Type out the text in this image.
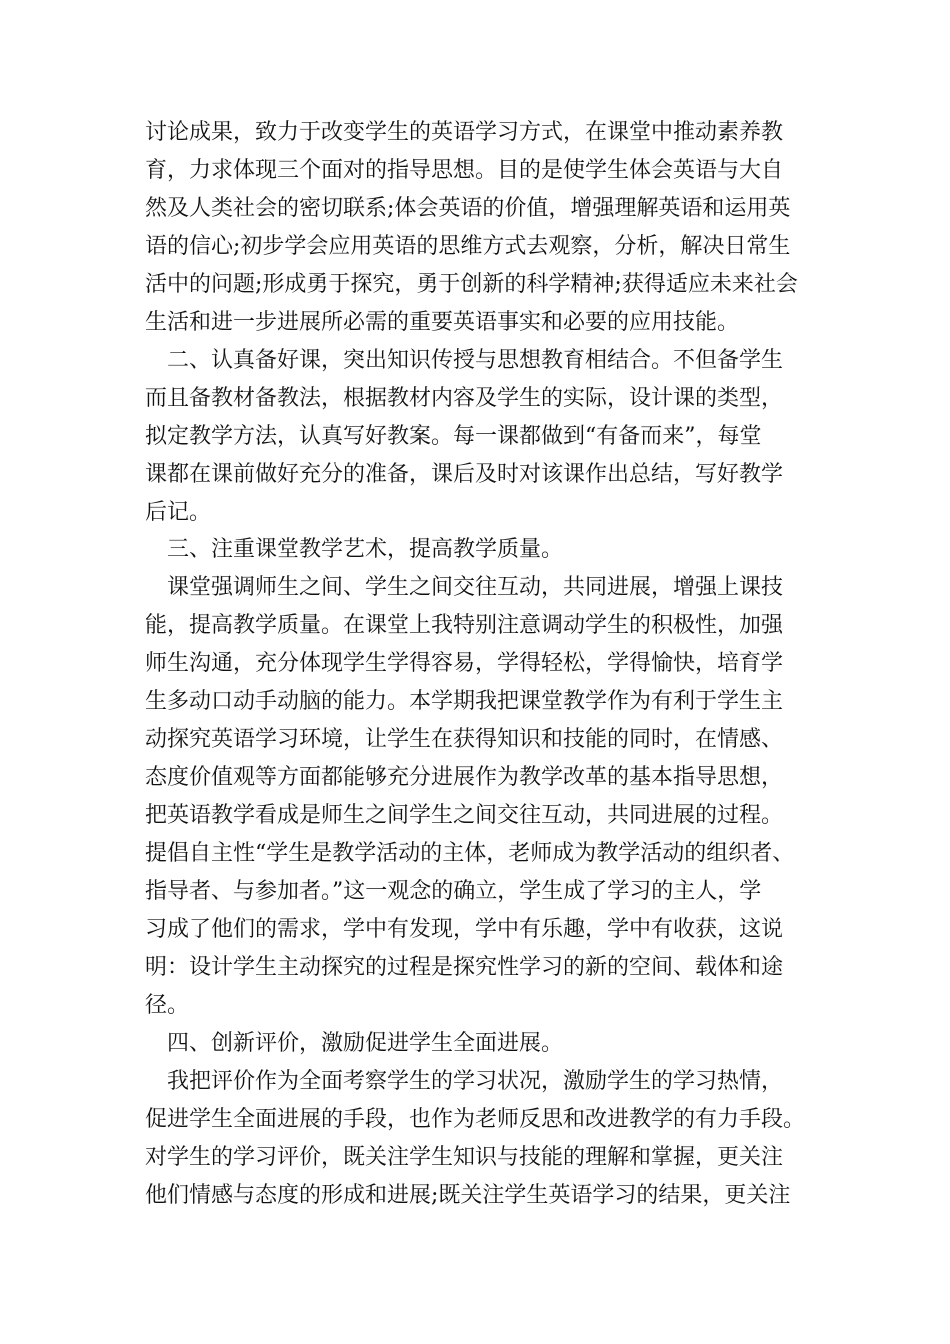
讨论成果，致力于改变学生的英语学习方式，在课堂中推动素养教
育，力求体现三个面对的指导思想。目的是使学生体会英语与大自
然及人类社会的密切联系;体会英语的价值，增强理解英语和运用英
语的信心;初步学会应用英语的思维方式去观察，分析，解决日常生
活中的问题;形成勇于探究，勇于创新的科学精神;获得适应未来社会
生活和进一步进展所必需的重要英语事实和必要的应用技能。
二、认真备好课，突出知识传授与思想教育相结合。不但备学生
而且备教材备教法，根据教材内容及学生的实际，设计课的类型，
拟定教学方法，认真写好教案。每一课都做到“有备而来”，每堂
课都在课前做好充分的准备，课后及时对该课作出总结，写好教学
后记。
三、注重课堂教学艺术，提高教学质量。
课堂强调师生之间、学生之间交往互动，共同进展，增强上课技
能，提高教学质量。在课堂上我特别注意调动学生的积极性，加强
师生沟通，充分体现学生学得容易，学得轻松，学得愉快，培育学
生多动口动手动脑的能力。本学期我把课堂教学作为有利于学生主
动探究英语学习环境，让学生在获得知识和技能的同时，在情感、
态度价值观等方面都能够充分进展作为教学改革的基本指导思想，
把英语教学看成是师生之间学生之间交往互动，共同进展的过程。
提倡自主性“学生是教学活动的主体，老师成为教学活动的组织者、
指导者、与参加者。”这一观念的确立，学生成了学习的主人，学
习成了他们的需求，学中有发现，学中有乐趣，学中有收获，这说
明：设计学生主动探究的过程是探究性学习的新的空间、载体和途
径。
四、创新评价，激励促进学生全面进展。
我把评价作为全面考察学生的学习状况，激励学生的学习热情，
促进学生全面进展的手段，也作为老师反思和改进教学的有力手段。
对学生的学习评价，既关注学生知识与技能的理解和掌握，更关注
他们情感与态度的形成和进展;既关注学生英语学习的结果，更关注
